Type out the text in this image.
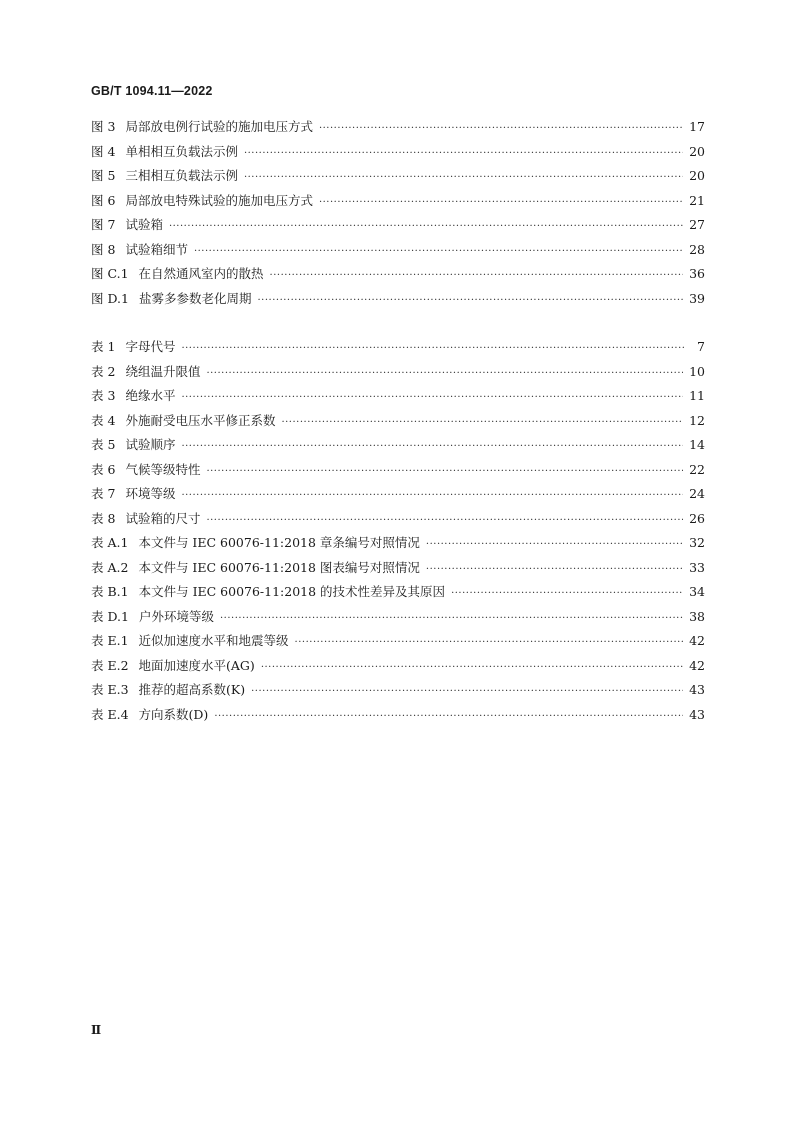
GB/T 1094.11—2022
图 3 局部放电例行试验的施加电压方式 ·····	17
图 4 单相相互负载法示例 ·····	20
图 5 三相相互负载法示例 ·····	20
图 6 局部放电特殊试验的施加电压方式 ·····	21
图 7 试验箱 ·····	27
图 8 试验箱细节 ·····	28
图 C.1 在自然通风室内的散热 ·····	36
图 D.1 盐雾多参数老化周期 ·····	39
表 1 字母代号 ·····	7
表 2 绕组温升限值 ·····	10
表 3 绝缘水平 ·····	11
表 4 外施耐受电压水平修正系数 ·····	12
表 5 试验顺序 ·····	14
表 6 气候等级特性 ·····	22
表 7 环境等级 ·····	24
表 8 试验箱的尺寸 ·····	26
表 A.1 本文件与 IEC 60076-11:2018 章条编号对照情况 ·····	32
表 A.2 本文件与 IEC 60076-11:2018 图表编号对照情况 ·····	33
表 B.1 本文件与 IEC 60076-11:2018 的技术性差异及其原因 ·····	34
表 D.1 户外环境等级 ·····	38
表 E.1 近似加速度水平和地震等级 ·····	42
表 E.2 地面加速度水平(AG) ·····	42
表 E.3 推荐的超高系数(K) ·····	43
表 E.4 方向系数(D) ·····	43
Ⅱ
